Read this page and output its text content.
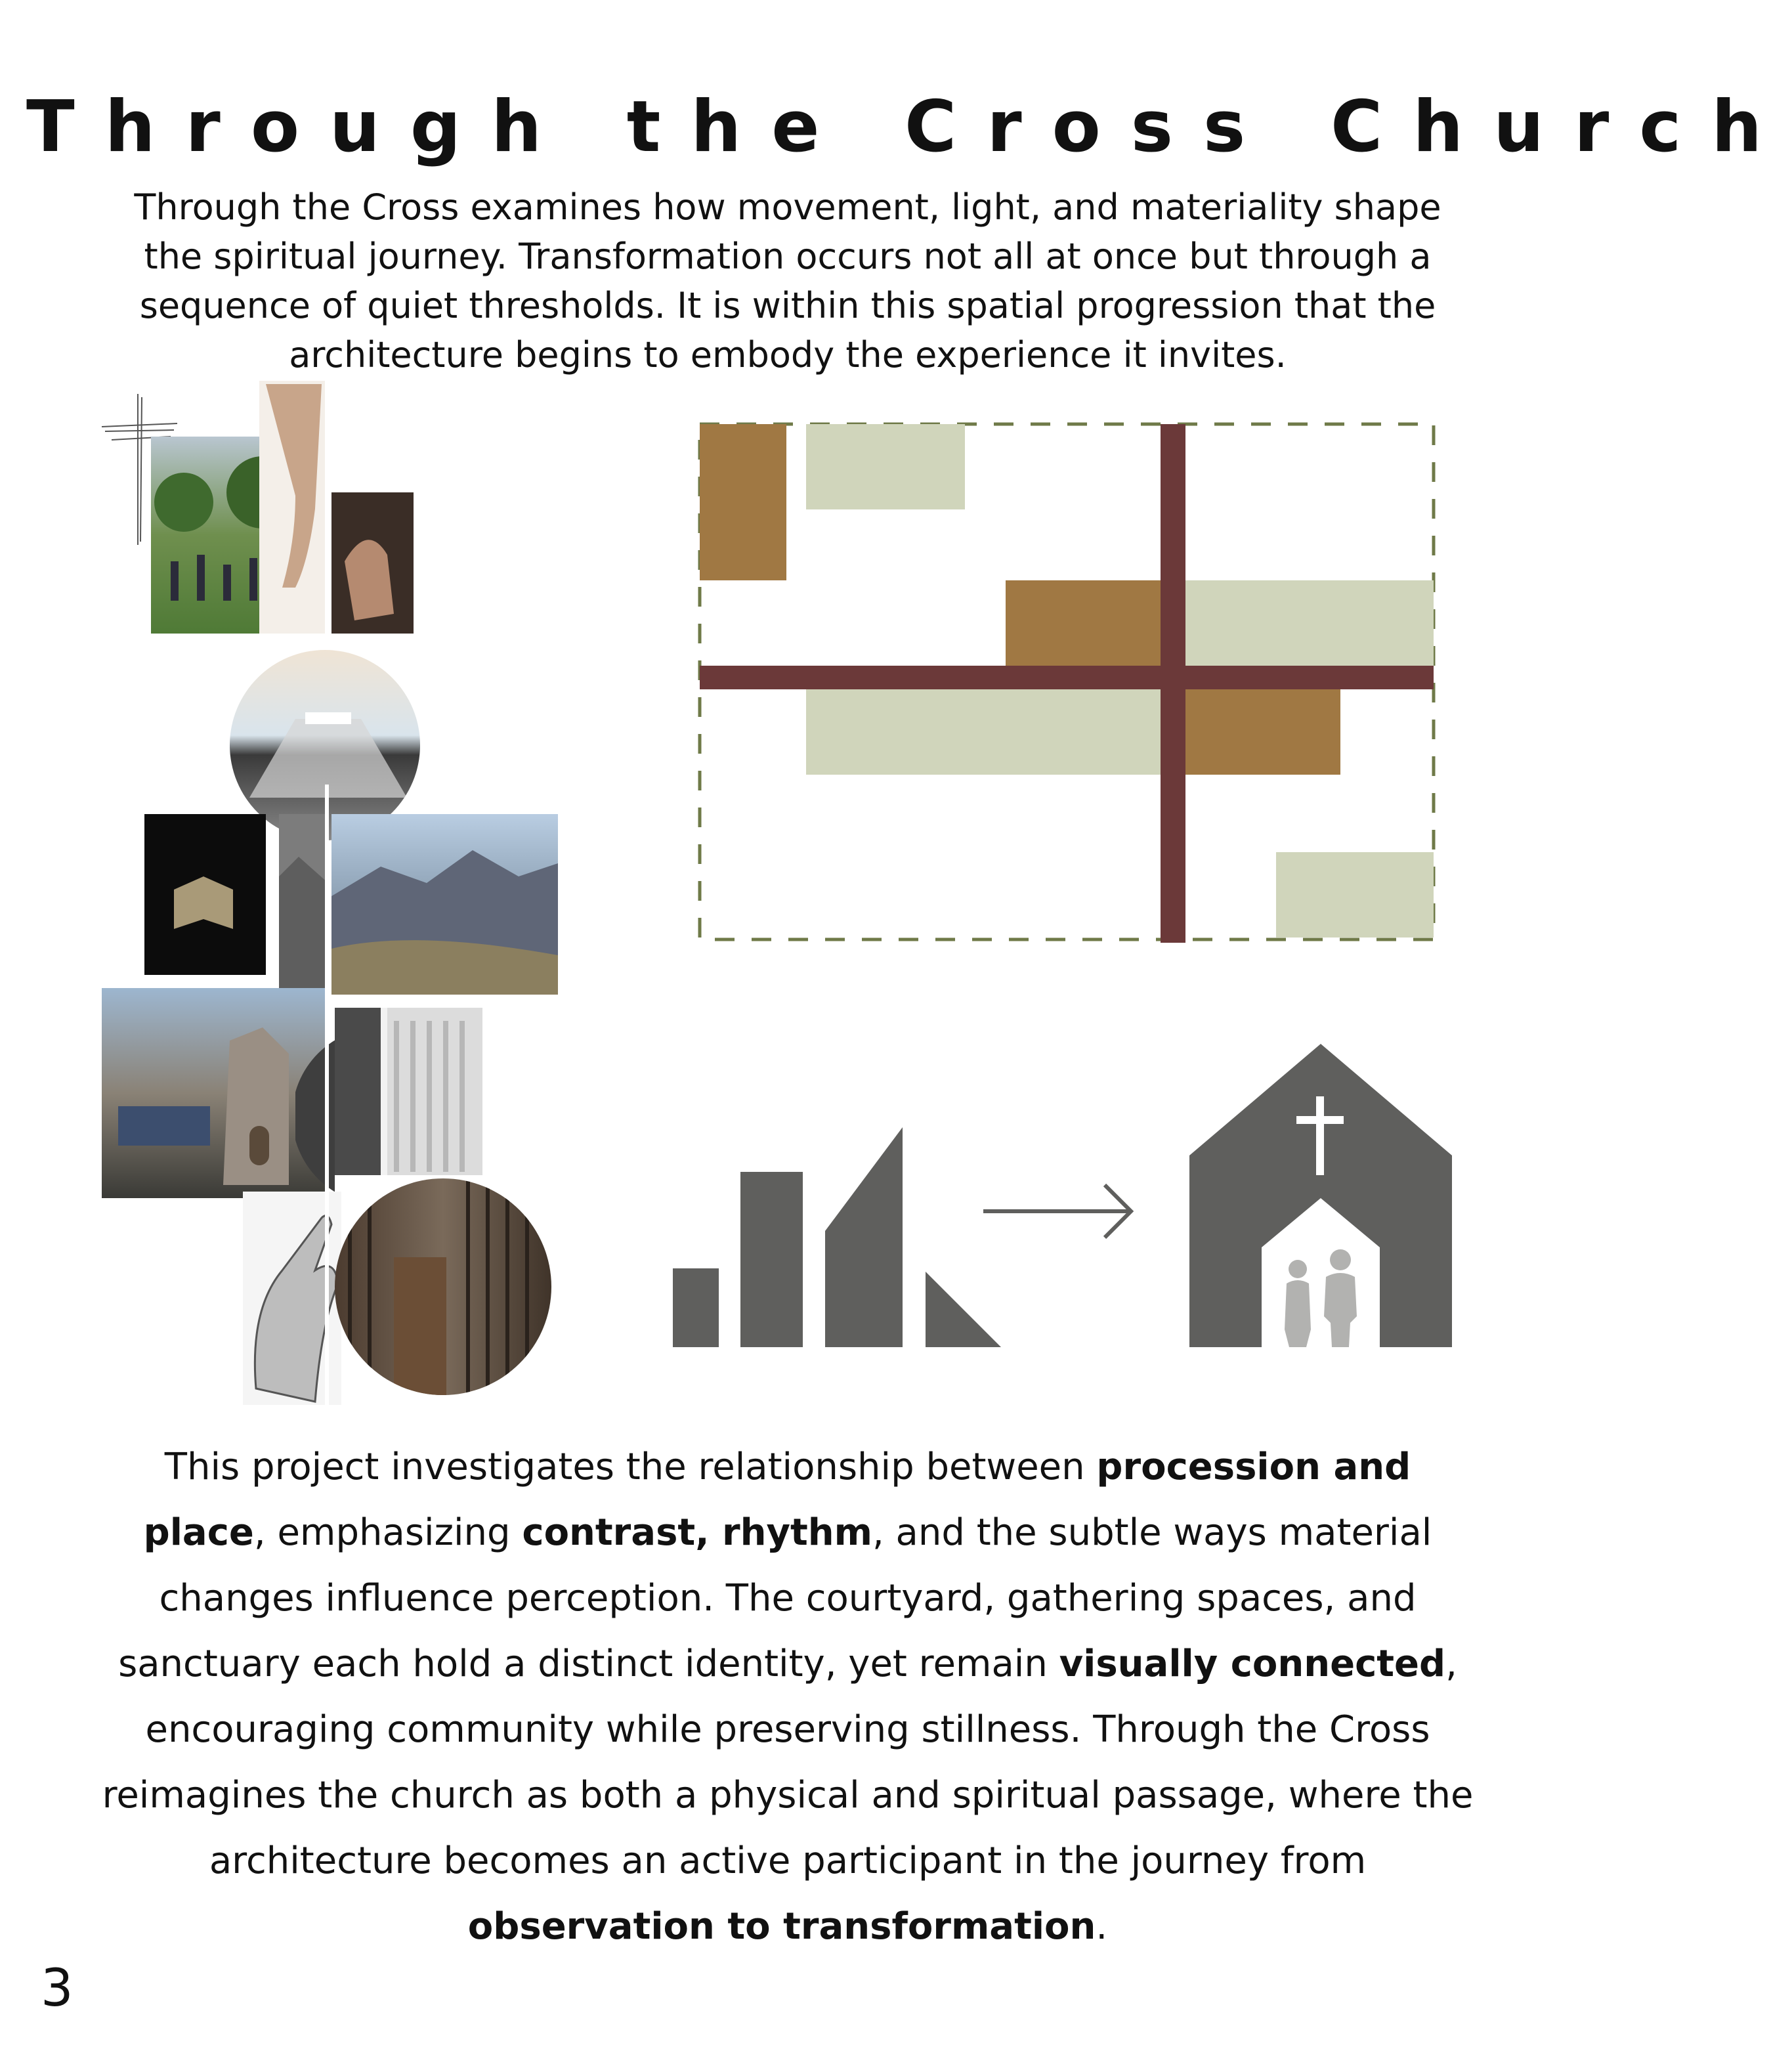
Through the Cross Church

Through the Cross examines how movement, light, and materiality shape the spiritual journey. Transformation occurs not all at once but through a sequence of quiet thresholds. It is within this spatial progression that the architecture begins to embody the experience it invites.

This project investigates the relationship between procession and place, emphasizing contrast, rhythm, and the subtle ways material changes influence perception. The courtyard, gathering spaces, and sanctuary each hold a distinct identity, yet remain visually connected, encouraging community while preserving stillness. Through the Cross reimagines the church as both a physical and spiritual passage, where the architecture becomes an active participant in the journey from observation to transformation.

3
